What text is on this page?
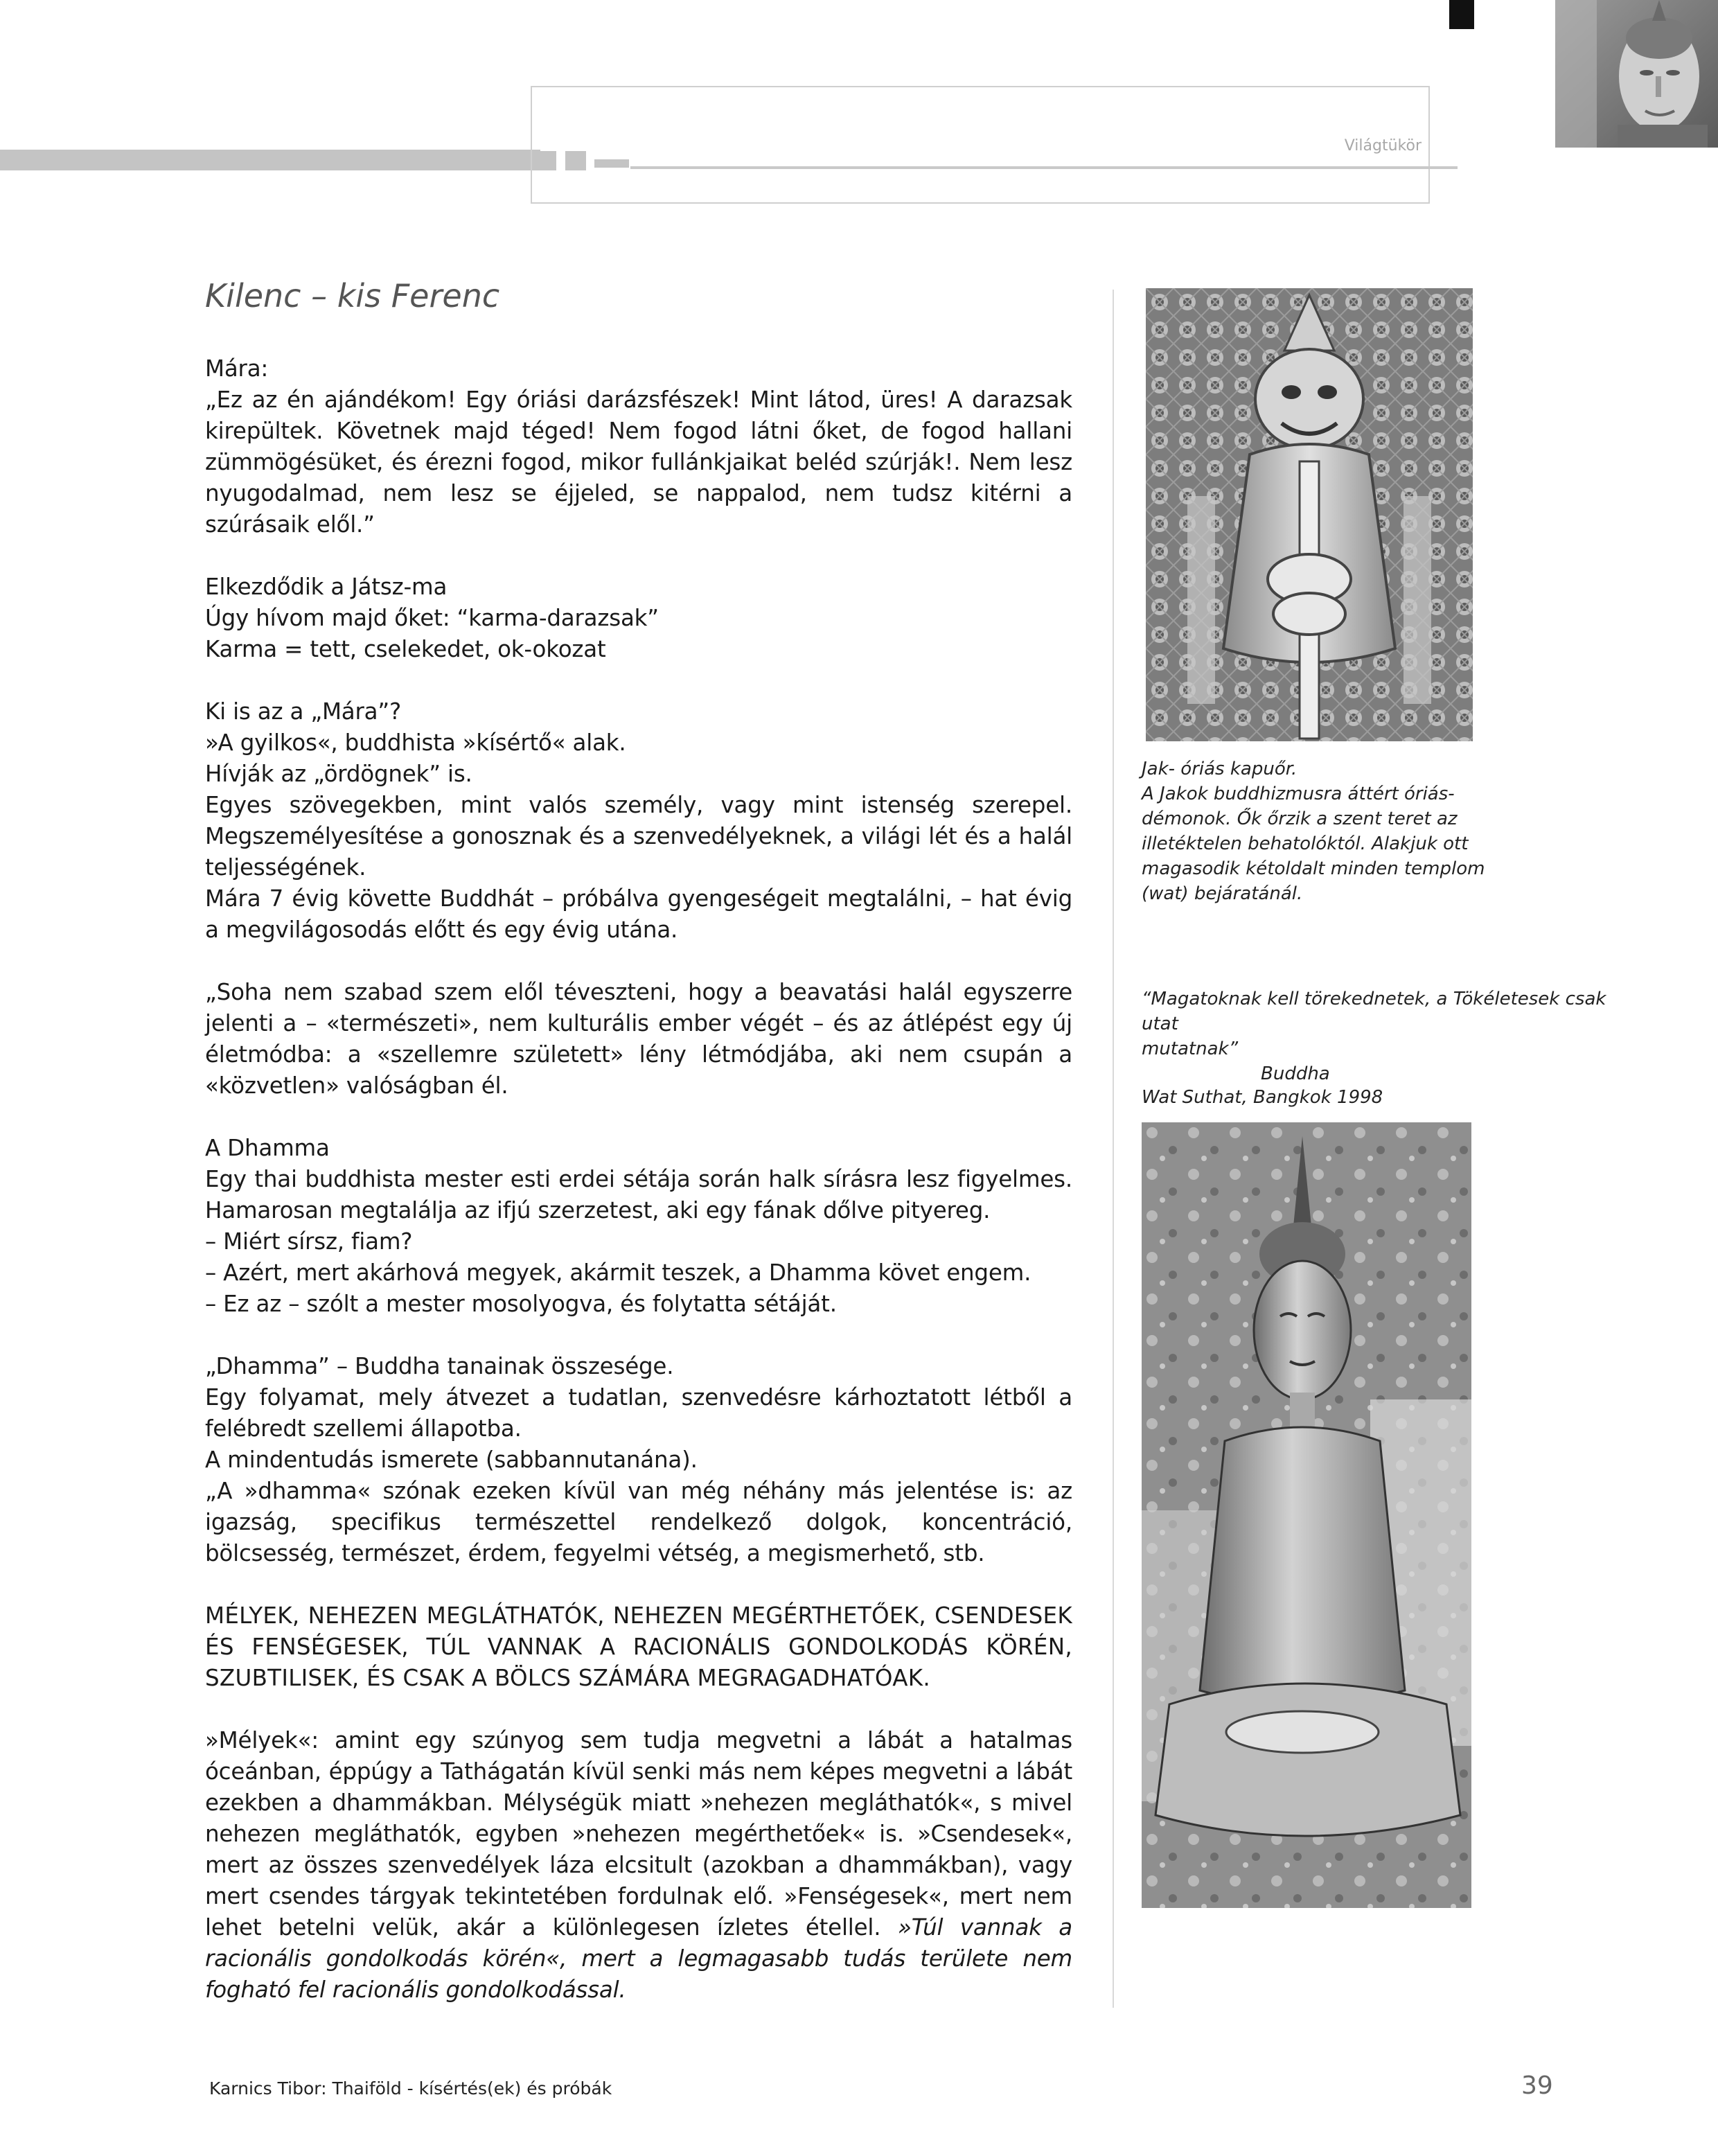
Világtükör
Kilenc – kis Ferenc

Mára:

„Ez az én ajándékom! Egy óriási darázsfészek! Mint látod, üres! A darazsak kirepültek. Követnek majd téged! Nem fogod látni őket, de fogod hallani zümmögésüket, és érezni fogod, mikor fullánkjaikat beléd szúrják!. Nem lesz nyugodalmad, nem lesz se éjjeled, se nappalod, nem tudsz kitérni a szúrásaik elől.”

Elkezdődik a Játsz-ma

Úgy hívom majd őket: “karma-darazsak”

Karma = tett, cselekedet, ok-okozat

Ki is az a „Mára”?

»A gyilkos«, buddhista »kísértő« alak.

Hívják az „ördögnek” is.

Egyes szövegekben, mint valós személy, vagy mint istenség szerepel. Megszemélyesítése a gonosznak és a szenvedélyeknek, a világi lét és a halál teljességének.

Mára 7 évig követte Buddhát – próbálva gyengeségeit megtalálni, – hat évig a megvilágosodás előtt és egy évig utána.

„Soha nem szabad szem elől téveszteni, hogy a beavatási halál egyszerre jelenti a – «természeti», nem kulturális ember végét – és az átlépést egy új életmódba: a «szellemre született» lény létmódjába, aki nem csupán a «közvetlen» valóságban él.

A Dhamma

Egy thai buddhista mester esti erdei sétája során halk sírásra lesz figyelmes. Hamarosan megtalálja az ifjú szerzetest, aki egy fának dőlve pityereg.

– Miért sírsz, fiam?

– Azért, mert akárhová megyek, akármit teszek, a Dhamma követ engem.

– Ez az – szólt a mester mosolyogva, és folytatta sétáját.

„Dhamma” – Buddha tanainak összesége.

Egy folyamat, mely átvezet a tudatlan, szenvedésre kárhoztatott létből a felébredt szellemi állapotba.

A mindentudás ismerete (sabbannutanána).

„A »dhamma« szónak ezeken kívül van még néhány más jelentése is: az igazság, specifikus természettel rendelkező dolgok, koncentráció, bölcsesség, természet, érdem, fegyelmi vétség, a megismerhető, stb.

MÉLYEK, NEHEZEN MEGLÁTHATÓK, NEHEZEN MEGÉRTHETŐEK, CSENDESEK ÉS FENSÉGESEK, TÚL VANNAK A RACIONÁLIS GONDOLKODÁS KÖRÉN, SZUBTILISEK, ÉS CSAK A BÖLCS SZÁMÁRA MEGRAGADHATÓAK.

»Mélyek«: amint egy szúnyog sem tudja megvetni a lábát a hatalmas óceánban, éppúgy a Tathágatán kívül senki más nem képes megvetni a lábát ezekben a dhammákban. Mélységük miatt »nehezen megláthatók«, s mivel nehezen megláthatók, egyben »nehezen megérthetőek« is. »Csendesek«, mert az összes szenvedélyek láza elcsitult (azokban a dhammákban), vagy mert csendes tárgyak tekintetében fordulnak elő. »Fenségesek«, mert nem lehet betelni velük, akár a különlegesen ízletes étellel. »Túl vannak a racionális gondolkodás körén«, mert a legmagasabb tudás területe nem fogható fel racionális gondolkodással.

Jak- óriás kapuőr.
A Jakok buddhizmusra áttért óriás-
démonok. Ők őrzik a szent teret az
illetéktelen behatolóktól. Alakjuk ott
magasodik kétoldalt minden templom
(wat) bejáratánál.
“Magatoknak kell törekednetek, a Tökéletesek csak utat
mutatnak”
Buddha
Wat Suthat, Bangkok 1998
Karnics Tibor: Thaiföld - kísértés(ek) és próbák	39
